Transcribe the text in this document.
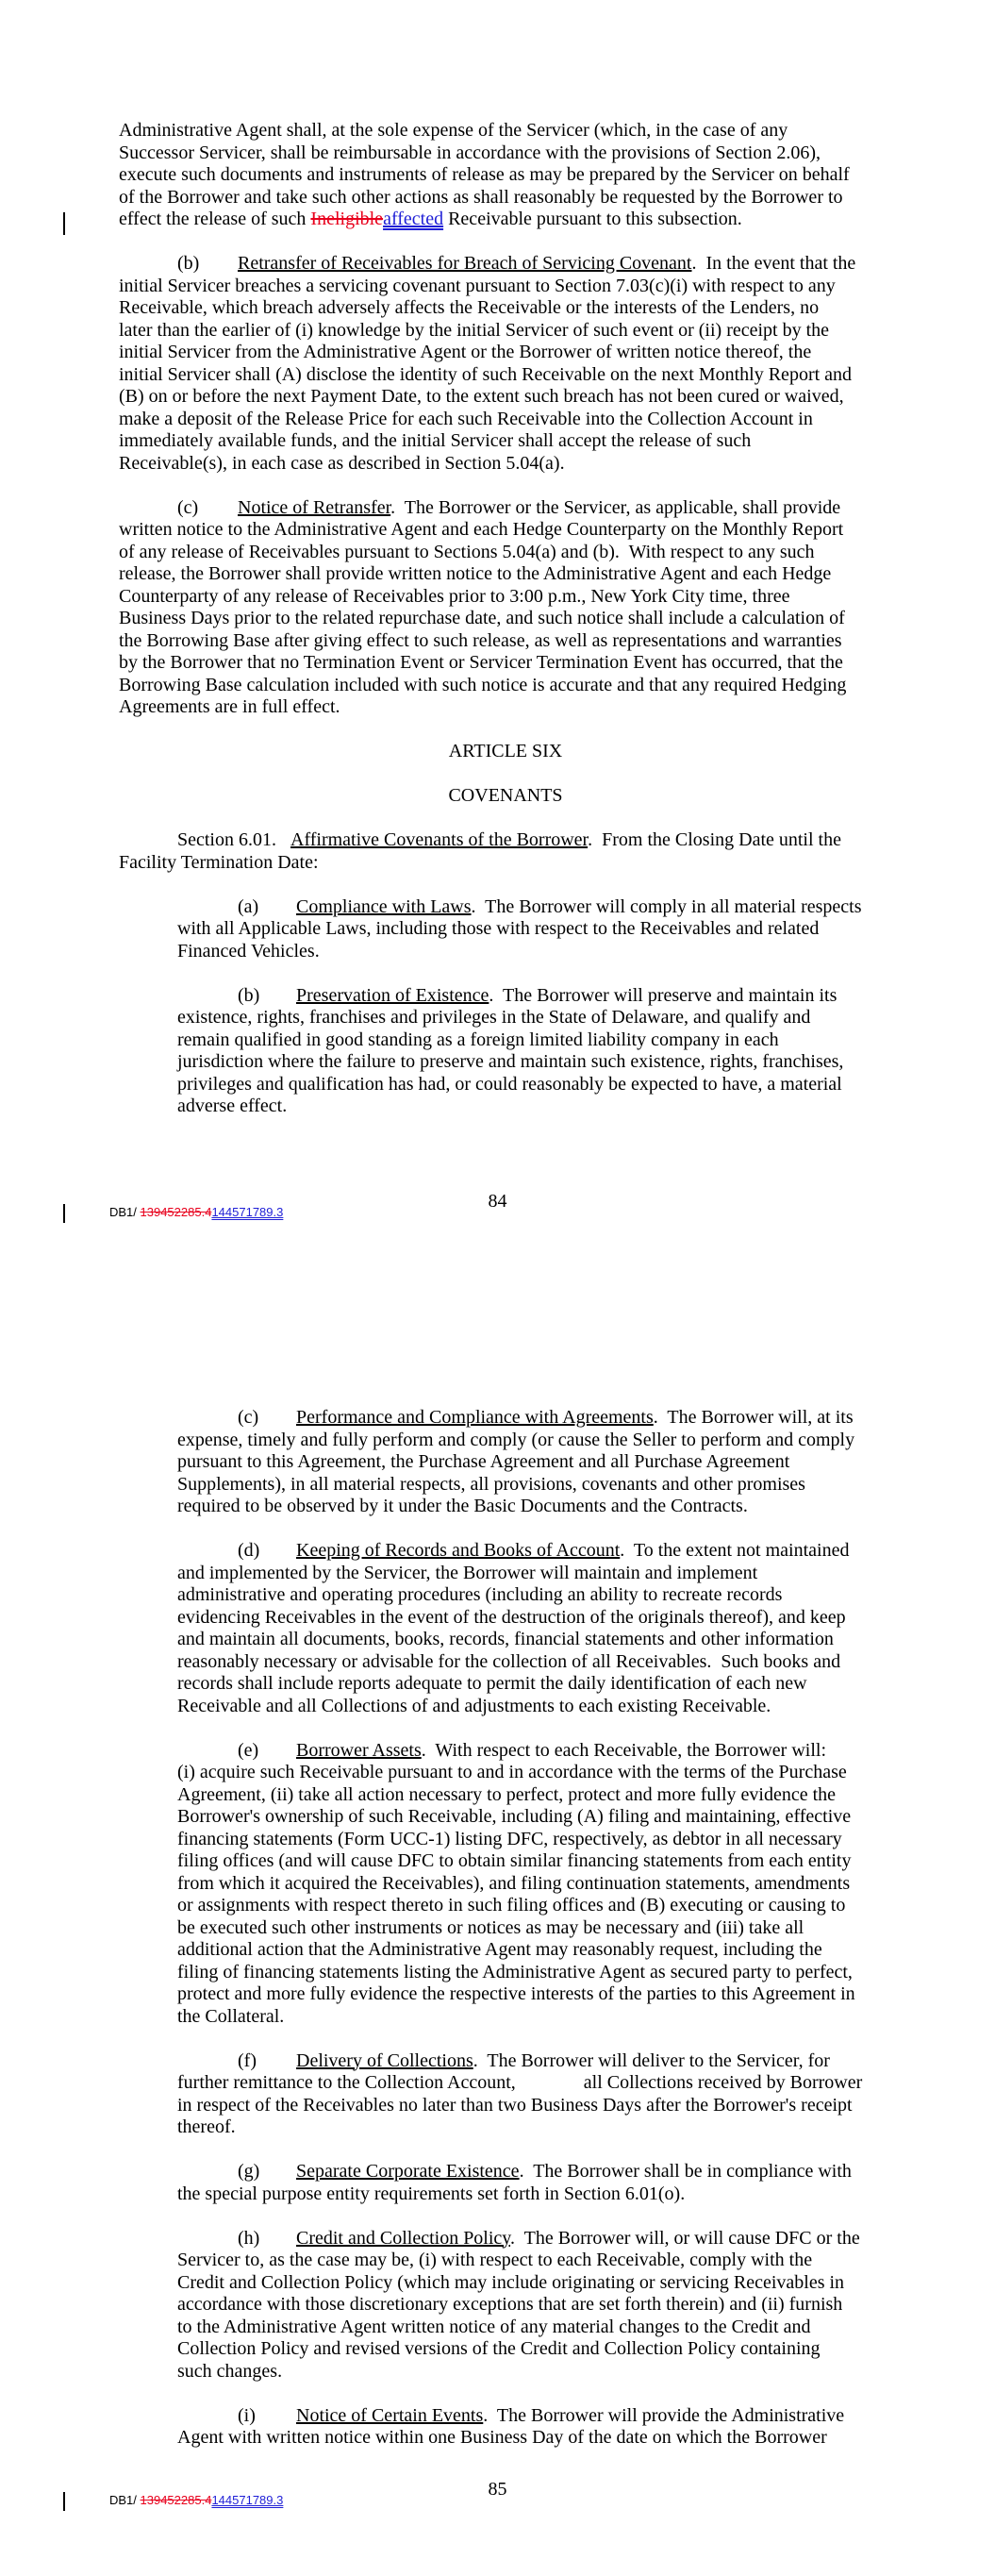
Administrative Agent shall, at the sole expense of the Servicer (which, in the case of any
Successor Servicer, shall be reimbursable in accordance with the provisions of Section 2.06),
execute such documents and instruments of release as may be prepared by the Servicer on behalf
of the Borrower and take such other actions as shall reasonably be requested by the Borrower to
effect the release of such Ineligibleaffected Receivable pursuant to this subsection.
(b) Retransfer of Receivables for Breach of Servicing Covenant.  In the event that the
initial Servicer breaches a servicing covenant pursuant to Section 7.03(c)(i) with respect to any
Receivable, which breach adversely affects the Receivable or the interests of the Lenders, no
later than the earlier of (i) knowledge by the initial Servicer of such event or (ii) receipt by the
initial Servicer from the Administrative Agent or the Borrower of written notice thereof, the
initial Servicer shall (A) disclose the identity of such Receivable on the next Monthly Report and
(B) on or before the next Payment Date, to the extent such breach has not been cured or waived,
make a deposit of the Release Price for each such Receivable into the Collection Account in
immediately available funds, and the initial Servicer shall accept the release of such
Receivable(s), in each case as described in Section 5.04(a).
(c) Notice of Retransfer.  The Borrower or the Servicer, as applicable, shall provide
written notice to the Administrative Agent and each Hedge Counterparty on the Monthly Report
of any release of Receivables pursuant to Sections 5.04(a) and (b).  With respect to any such
release, the Borrower shall provide written notice to the Administrative Agent and each Hedge
Counterparty of any release of Receivables prior to 3:00 p.m., New York City time, three
Business Days prior to the related repurchase date, and such notice shall include a calculation of
the Borrowing Base after giving effect to such release, as well as representations and warranties
by the Borrower that no Termination Event or Servicer Termination Event has occurred, that the
Borrowing Base calculation included with such notice is accurate and that any required Hedging
Agreements are in full effect.
ARTICLE SIX
COVENANTS
Section 6.01. Affirmative Covenants of the Borrower.  From the Closing Date until the
Facility Termination Date:
(a) Compliance with Laws.  The Borrower will comply in all material respects
with all Applicable Laws, including those with respect to the Receivables and related
Financed Vehicles.
(b) Preservation of Existence.  The Borrower will preserve and maintain its
existence, rights, franchises and privileges in the State of Delaware, and qualify and
remain qualified in good standing as a foreign limited liability company in each
jurisdiction where the failure to preserve and maintain such existence, rights, franchises,
privileges and qualification has had, or could reasonably be expected to have, a material
adverse effect.
84
DB1/ 139452285.4144571789.3
(c) Performance and Compliance with Agreements.  The Borrower will, at its
expense, timely and fully perform and comply (or cause the Seller to perform and comply
pursuant to this Agreement, the Purchase Agreement and all Purchase Agreement
Supplements), in all material respects, all provisions, covenants and other promises
required to be observed by it under the Basic Documents and the Contracts.
(d) Keeping of Records and Books of Account.  To the extent not maintained
and implemented by the Servicer, the Borrower will maintain and implement
administrative and operating procedures (including an ability to recreate records
evidencing Receivables in the event of the destruction of the originals thereof), and keep
and maintain all documents, books, records, financial statements and other information
reasonably necessary or advisable for the collection of all Receivables.  Such books and
records shall include reports adequate to permit the daily identification of each new
Receivable and all Collections of and adjustments to each existing Receivable.
(e) Borrower Assets.  With respect to each Receivable, the Borrower will:
(i) acquire such Receivable pursuant to and in accordance with the terms of the Purchase
Agreement, (ii) take all action necessary to perfect, protect and more fully evidence the
Borrower's ownership of such Receivable, including (A) filing and maintaining, effective
financing statements (Form UCC-1) listing DFC, respectively, as debtor in all necessary
filing offices (and will cause DFC to obtain similar financing statements from each entity
from which it acquired the Receivables), and filing continuation statements, amendments
or assignments with respect thereto in such filing offices and (B) executing or causing to
be executed such other instruments or notices as may be necessary and (iii) take all
additional action that the Administrative Agent may reasonably request, including the
filing of financing statements listing the Administrative Agent as secured party to perfect,
protect and more fully evidence the respective interests of the parties to this Agreement in
the Collateral.
(f) Delivery of Collections.  The Borrower will deliver to the Servicer, for
further remittance to the Collection Account,	all Collections received by Borrower
in respect of the Receivables no later than two Business Days after the Borrower's receipt
thereof.
(g) Separate Corporate Existence.  The Borrower shall be in compliance with
the special purpose entity requirements set forth in Section 6.01(o).
(h) Credit and Collection Policy.  The Borrower will, or will cause DFC or the
Servicer to, as the case may be, (i) with respect to each Receivable, comply with the
Credit and Collection Policy (which may include originating or servicing Receivables in
accordance with those discretionary exceptions that are set forth therein) and (ii) furnish
to the Administrative Agent written notice of any material changes to the Credit and
Collection Policy and revised versions of the Credit and Collection Policy containing
such changes.
(i) Notice of Certain Events.  The Borrower will provide the Administrative
Agent with written notice within one Business Day of the date on which the Borrower
85
DB1/ 139452285.4144571789.3
